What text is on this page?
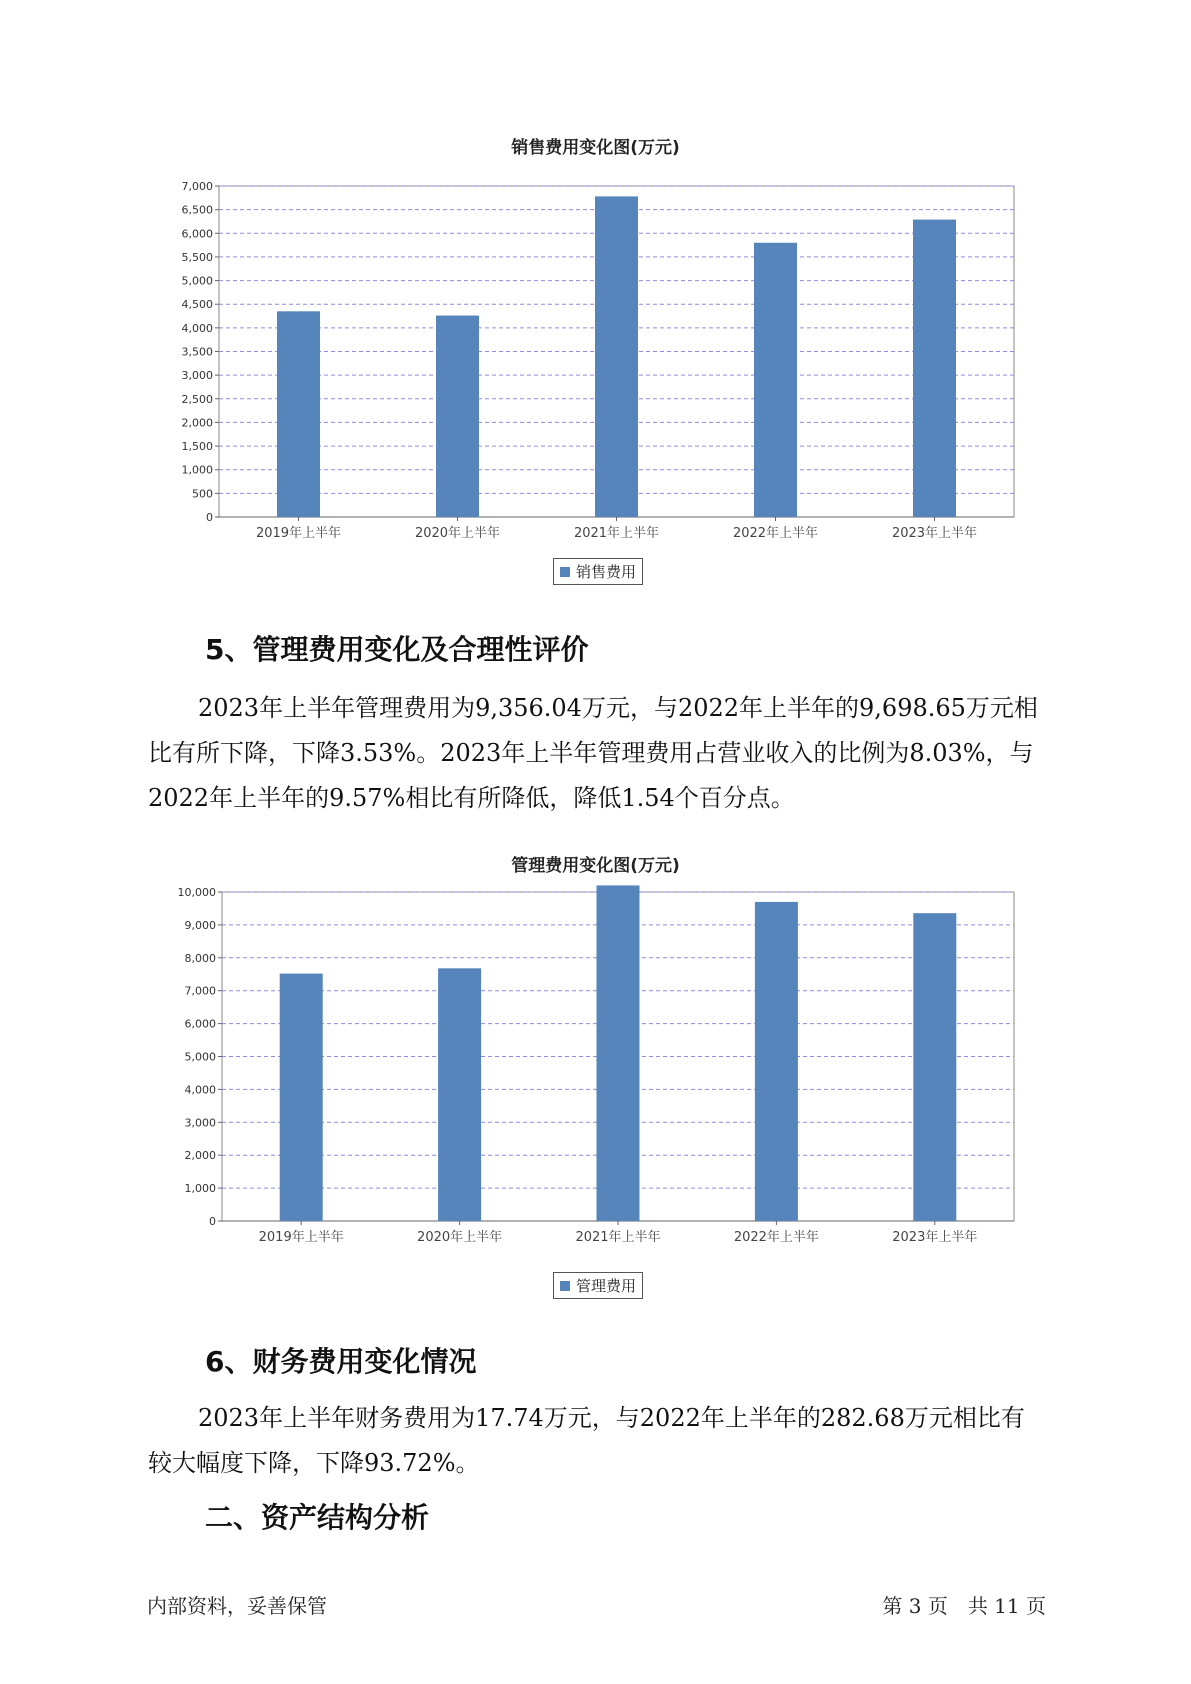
销售费用变化图(万元)
0
500
1,000
1,500
2,000
2,500
3,000
3,500
4,000
4,500
5,000
5,500
6,000
6,500
7,000
2019年上半年	2020年上半年	2021年上半年	2022年上半年	2023年上半年
销售费用
5、管理费用变化及合理性评价

2023年上半年管理费用为9,356.04万元，与2022年上半年的9,698.65万元相比有所下降，下降3.53%。2023年上半年管理费用占营业收入的比例为8.03%，与2022年上半年的9.57%相比有所降低，降低1.54个百分点。

管理费用变化图(万元)
0
1,000
2,000
3,000
4,000
5,000
6,000
7,000
8,000
9,000
10,000
2019年上半年	2020年上半年	2021年上半年	2022年上半年	2023年上半年
管理费用
6、财务费用变化情况

2023年上半年财务费用为17.74万元，与2022年上半年的282.68万元相比有较大幅度下降，下降93.72%。

二、资产结构分析
内部资料，妥善保管	第 3 页　共 11 页
